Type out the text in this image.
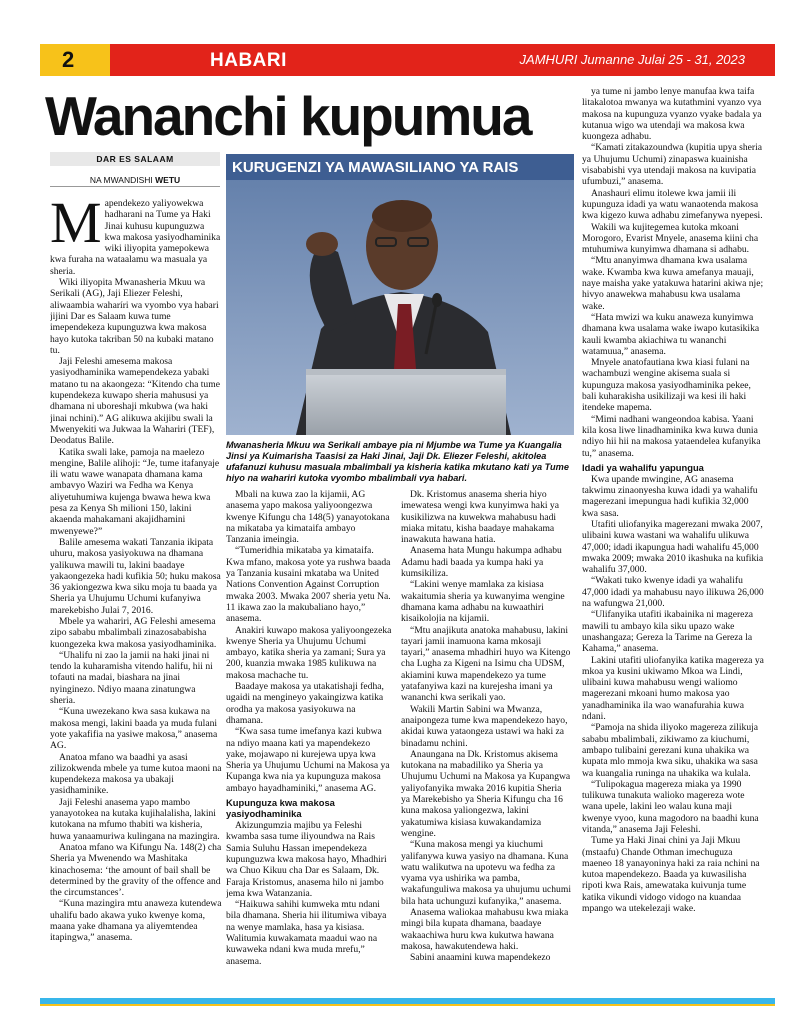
2	HABARI	JAMHURI Jumanne Julai 25 - 31, 2023
Wananchi kupumua
DAR ES SALAAM
NA MWANDISHI WETU
M apendekezo yaliyowekwa hadharani na Tume ya Haki Jinai kuhusu kupunguzwa kwa makosa yasiyodhaminika wiki iliyopita yamepokewa kwa furaha na wataalamu wa masuala ya sheria.

Wiki iliyopita Mwanasheria Mkuu wa Serikali (AG), Jaji Eliezer Feleshi, aliwaambia waharíri wa vyombo vya habari jijini Dar es Salaam kuwa tume imependekeza kupunguzwa kwa makosa hayo kutoka takriban 50 na kubaki matano tu.

Jaji Feleshi amesema makosa yasiyodhaminika wamependekeza yabaki matano tu na akaongeza: “Kitendo cha tume kupendekeza kuwapo sheria mahususi ya dhamana ni uboreshaji mkubwa (wa haki jinai nchini).” AG alikuwa akijibu swali la Mwenyekiti wa Jukwaa la Wahariri (TEF), Deodatus Balile.

Katika swali lake, pamoja na maelezo mengine, Balile alihoji: “Je, tume itafanyaje ili watu wawe wanapata dhamana kama ambavyo Waziri wa Fedha wa Kenya aliyetuhumiwa kujenga bwawa hewa kwa pesa za Kenya Sh milioni 150, lakini akaenda mahakamani akajidhamini mwenyewe?”

Balile amesema wakati Tanzania ikipata uhuru, makosa yasiyokuwa na dhamana yalikuwa mawili tu, lakini baadaye yakaongezeka hadi kufikia 50; huku makosa 36 yakiongezwa kwa siku moja tu baada ya Sheria ya Uhujumu Uchumi kufanyiwa marekebisho Julai 7, 2016.

Mbele ya wahariri, AG Feleshi amesema zipo sababu mbalimbali zinazosababisha kuongezeka kwa makosa yasiyodhaminika.

“Uhalifu ni zao la jamii na haki jinai ni tendo la kuharamisha vitendo halifu, hii ni tofauti na madai, biashara na jinai nyinginezo. Ndiyo maana zinatungwa sheria.

“Kuna uwezekano kwa sasa kukawa na makosa mengi, lakini baada ya muda fulani yote yakafifia na yasiwe makosa,” anasema AG.

Anatoa mfano wa baadhi ya asasi zilizokwenda mbele ya tume kutoa maoni na kupendekeza makosa ya ubakaji yasidhaminike.

Jaji Feleshi anasema yapo mambo yanayotokea na kutaka kujihalalisha, lakini kutokana na mfumo thabiti wa kisheria, huwa yanaamuriwa kulingana na mazingira.

Anatoa mfano wa Kifungu Na. 148(2) cha Sheria ya Mwenendo wa Mashitaka kinachosema: ‘the amount of bail shall be determined by the gravity of the offence and the circumstances’.

“Kuna mazingira mtu anaweza kutendewa uhalifu bado akawa yuko kwenye koma, maana yake dhamana ya aliyemtendea itapingwa,” anasema.

KURUGENZI YA MAWASILIANO YA RAIS
Mwanasheria Mkuu wa Serikali ambaye pia ni Mjumbe wa Tume ya Kuangalia Jinsi ya Kuimarisha Taasisi za Haki Jinai, Jaji Dk. Eliezer Feleshi, akitolea ufafanuzi kuhusu masuala mbalimbali ya kisheria katika mkutano kati ya Tume hiyo na wahariri kutoka vyombo mbalimbali vya habari.

Mbali na kuwa zao la kijamii, AG anasema yapo makosa yaliyoongezwa kwenye Kifungu cha 148(5) yanayotokana na mikataba ya kimataifa ambayo Tanzania imeingia.

“Tumeridhia mikataba ya kimataifa. Kwa mfano, makosa yote ya rushwa baada ya Tanzania kusaini mkataba wa United Nations Convention Against Corruption mwaka 2003. Mwaka 2007 sheria yetu Na. 11 ikawa zao la makubaliano hayo,” anasema.

Anakiri kuwapo makosa yaliyoongezeka kwenye Sheria ya Uhujumu Uchumi ambayo, katika sheria ya zamani; Sura ya 200, kuanzia mwaka 1985 kulikuwa na makosa machache tu.

Baadaye makosa ya utakatishaji fedha, ugaidi na mengineyo yakaingizwa katika orodha ya makosa yasiyokuwa na dhamana.

“Kwa sasa tume imefanya kazi kubwa na ndiyo maana kati ya mapendekezo yake, mojawapo ni kurejewa upya kwa Sheria ya Uhujumu Uchumi na Makosa ya Kupanga kwa nia ya kupunguza makosa ambayo hayadhaminiki,” anasema AG.

Kupunguza kwa makosa yasiyodhaminika

Akizungumzia majibu ya Feleshi kwamba sasa tume iliyoundwa na Rais Samia Suluhu Hassan imependekeza kupunguzwa kwa makosa hayo, Mhadhiri wa Chuo Kikuu cha Dar es Salaam, Dk. Faraja Kristomus, anasema hilo ni jambo jema kwa Watanzania.

“Haikuwa sahihi kumweka mtu ndani bila dhamana. Sheria hii ilitumiwa vibaya na wenye mamlaka, hasa ya kisiasa. Walitumia kuwakamata maadui wao na kuwaweka ndani kwa muda mrefu,” anasema.

Dk. Kristomus anasema sheria hiyo imewatesa wengi kwa kunyimwa haki ya kusikilizwa na kuwekwa mahabusu hadi miaka mitatu, kisha baadaye mahakama inawakuta hawana hatia.

Anasema hata Mungu hakumpa adhabu Adamu hadi baada ya kumpa haki ya kumsikiliza.

“Lakini wenye mamlaka za kisiasa wakaitumia sheria ya kuwanyima wengine dhamana kama adhabu na kuwaathiri kisaikolojia na kijamii.

“Mtu anajikuta anatoka mahabusu, lakini tayari jamii inamuona kama mkosaji tayari,” anasema mhadhiri huyo wa Kitengo cha Lugha za Kigeni na Isimu cha UDSM, akiamini kuwa mapendekezo ya tume yatafanyiwa kazi na kurejesha imani ya wananchi kwa serikali yao.

Wakili Martin Sabini wa Mwanza, anaipongeza tume kwa mapendekezo hayo, akidai kuwa yataongeza ustawi wa haki za binadamu nchini.

Anaungana na Dk. Kristomus akisema kutokana na mabadiliko ya Sheria ya Uhujumu Uchumi na Makosa ya Kupangwa yaliyofanyika mwaka 2016 kupitia Sheria ya Marekebisho ya Sheria Kifungu cha 16 kuna makosa yaliongezwa, lakini yakatumiwa kisiasa kuwakandamiza wengine.

“Kuna makosa mengi ya kiuchumi yalifanywa kuwa yasiyo na dhamana. Kuna watu walikutwa na upotevu wa fedha za vyama vya ushirika wa pamba, wakafunguliwa makosa ya uhujumu uchumi bila hata uchunguzi kufanyika,” anasema.

Anasema waliokaa mahabusu kwa miaka mingi bila kupata dhamana, baadaye wakaachiwa huru kwa kukutwa hawana makosa, hawakutendewa haki.

Sabini anaamini kuwa mapendekezo

ya tume ni jambo lenye manufaa kwa taifa litakalotoa mwanya wa kutathmini vyanzo vya makosa na kupunguza vyanzo vyake badala ya kutanua wigo wa utendaji wa makosa kwa kuongeza adhabu.

“Kamati zitakazoundwa (kupitia upya sheria ya Uhujumu Uchumi) zinapaswa kuainisha visababishi vya utendaji makosa na kuvipatia ufumbuzi,” anasema.

Anashauri elimu itolewe kwa jamii ili kupunguza idadi ya watu wanaotenda makosa kwa kigezo kuwa adhabu zimefanywa nyepesi.

Wakili wa kujitegemea kutoka mkoani Morogoro, Evarist Mnyele, anasema kiini cha mtuhumiwa kunyimwa dhamana si adhabu.

“Mtu ananyimwa dhamana kwa usalama wake. Kwamba kwa kuwa amefanya mauaji, naye maisha yake yatakuwa hatarini akiwa nje; hivyo anawekwa mahabusu kwa usalama wake.

“Hata mwizi wa kuku anaweza kunyimwa dhamana kwa usalama wake iwapo kutasikika kauli kwamba akiachiwa tu wananchi watamuua,” anasema.

Mnyele anatofautiana kwa kiasi fulani na wachambuzi wengine akisema suala si kupunguza makosa yasiyodhaminika pekee, bali kuharakisha usikilizaji wa kesi ili haki itendeke mapema.

“Mimi nadhani wangeondoa kabisa. Yaani kila kosa liwe linadhaminika kwa kuwa dunia ndiyo hii hii na makosa yataendelea kufanyika tu,” anasema.

Idadi ya wahalifu yapungua

Kwa upande mwingine, AG anasema takwimu zinaonyesha kuwa idadi ya wahalifu magerezani imepungua hadi kufikia 32,000 kwa sasa.

Utafiti uliofanyika magerezani mwaka 2007, ulibaini kuwa wastani wa wahalifu ulikuwa 47,000; idadi ikapungua hadi wahalifu 45,000 mwaka 2009; mwaka 2010 ikashuka na kufikia wahalifu 37,000.

“Wakati tuko kwenye idadi ya wahalifu 47,000 idadi ya mahabusu nayo ilikuwa 26,000 na wafungwa 21,000.

“Ulifanyika utafiti ikabainika ni magereza mawili tu ambayo kila siku upazo wake unashangaza; Gereza la Tarime na Gereza la Kahama,” anasema.

Lakini utafiti uliofanyika katika magereza ya mkoa ya kusini ukiwamo Mkoa wa Lindi, ulibaini kuwa mahabusu wengi waliomo magerezani mkoani humo makosa yao yanadhaminika ila wao wanafurahia kuwa ndani.

“Pamoja na shida iliyoko magereza zilikuja sababu mbalimbali, zikiwamo za kiuchumi, ambapo tulibaini gerezani kuna uhakika wa kupata mlo mmoja kwa siku, uhakika wa sasa wa kuangalia runinga na uhakika wa kulala.

“Tulipokagua magereza miaka ya 1990 tulikuwa tunakuta walioko magereza wote wana upele, lakini leo walau kuna maji kwenye vyoo, kuna magodoro na baadhi kuna vitanda,” anasema Jaji Feleshi.

Tume ya Haki Jinai chini ya Jaji Mkuu (mstaafu) Chande Othman imechuguza maeneo 18 yanayoninya haki za raia nchini na kutoa mapendekezo. Baada ya kuwasilisha ripoti kwa Rais, amewataka kuivunja tume katika vikundi vidogo vidogo na kuandaa mpango wa utekelezaji wake.
